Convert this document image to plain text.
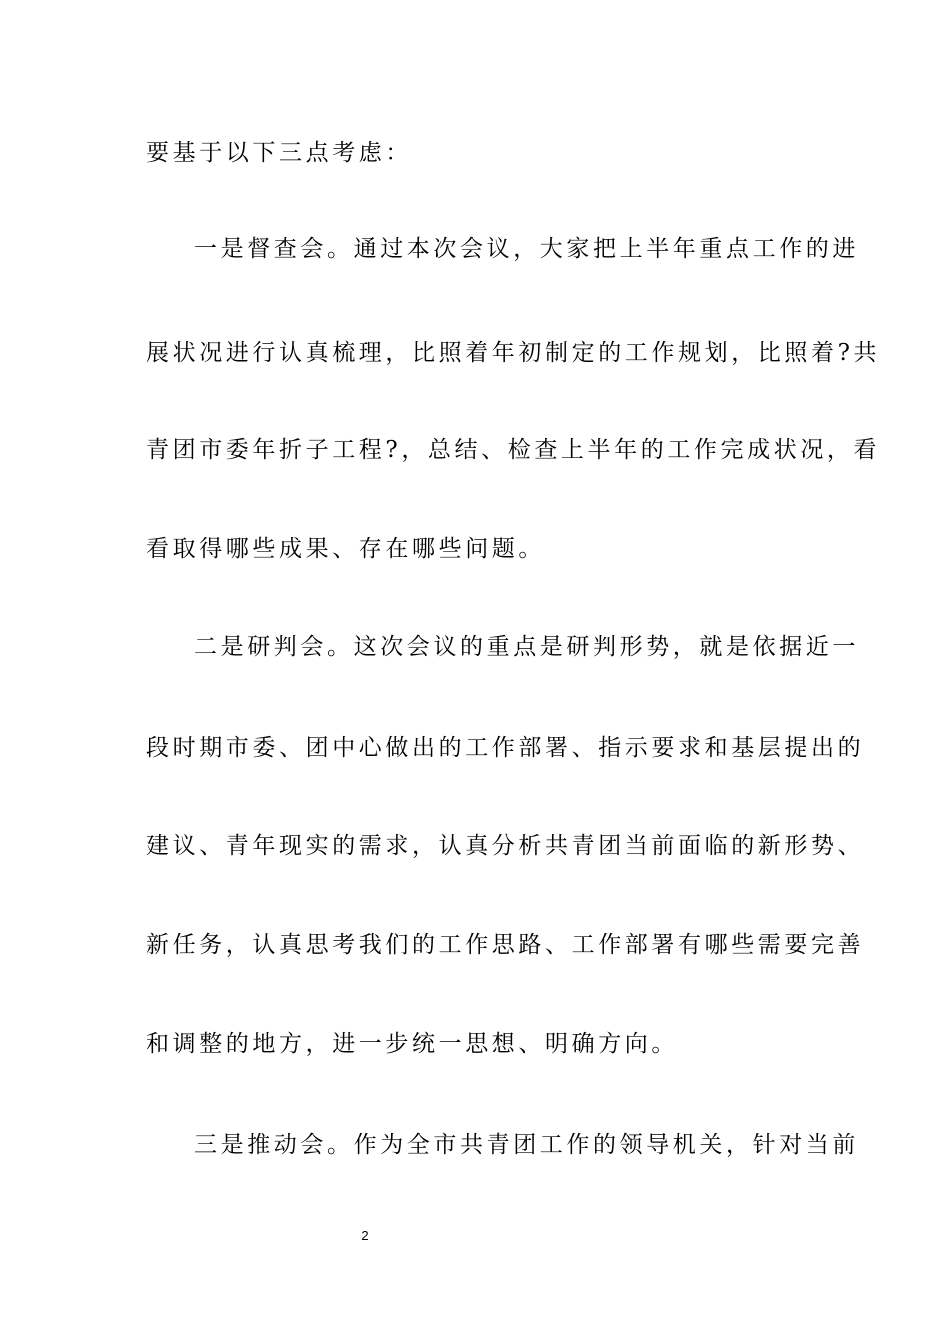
要基于以下三点考虑：
一是督查会。通过本次会议，大家把上半年重点工作的进
展状况进行认真梳理，比照着年初制定的工作规划，比照着?共
青团市委年折子工程?，总结、检查上半年的工作完成状况，看
看取得哪些成果、存在哪些问题。
二是研判会。这次会议的重点是研判形势，就是依据近一
段时期市委、团中心做出的工作部署、指示要求和基层提出的
建议、青年现实的需求，认真分析共青团当前面临的新形势、
新任务，认真思考我们的工作思路、工作部署有哪些需要完善
和调整的地方，进一步统一思想、明确方向。
三是推动会。作为全市共青团工作的领导机关，针对当前
2
